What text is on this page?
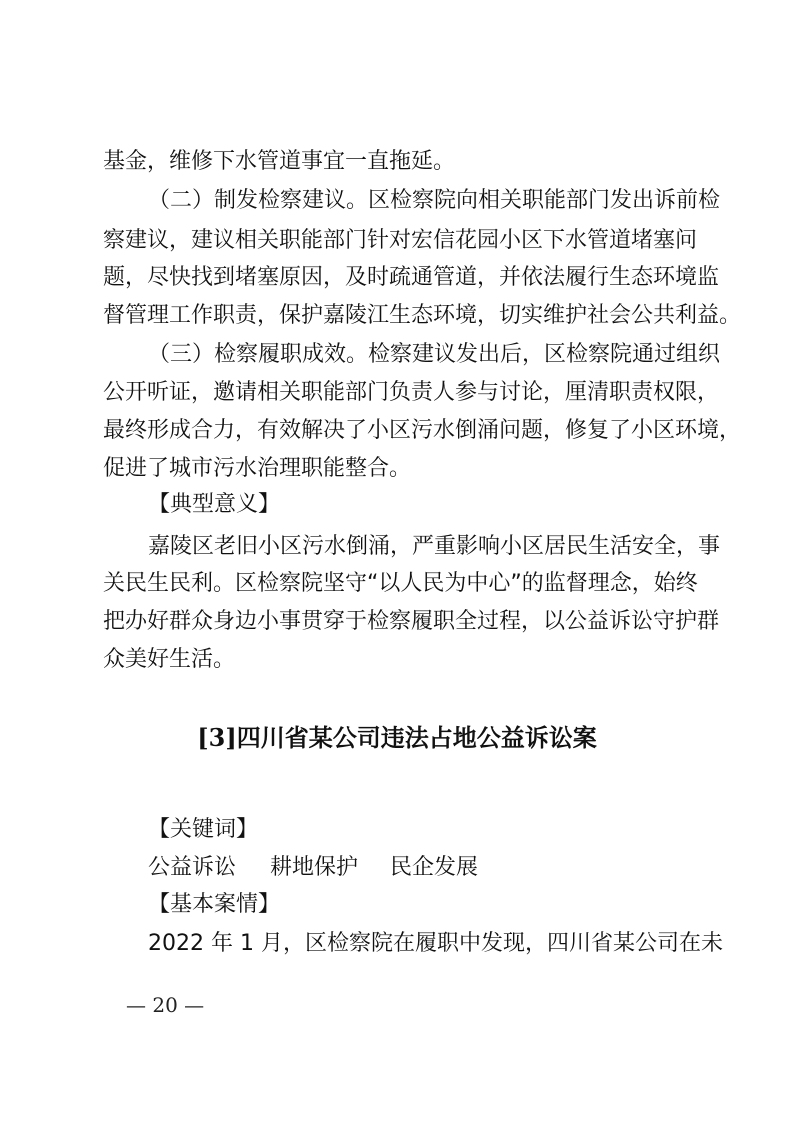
基金，维修下水管道事宜一直拖延。
（二）制发检察建议。区检察院向相关职能部门发出诉前检
察建议，建议相关职能部门针对宏信花园小区下水管道堵塞问
题，尽快找到堵塞原因，及时疏通管道，并依法履行生态环境监
督管理工作职责，保护嘉陵江生态环境，切实维护社会公共利益。
（三）检察履职成效。检察建议发出后，区检察院通过组织
公开听证，邀请相关职能部门负责人参与讨论，厘清职责权限，
最终形成合力，有效解决了小区污水倒涌问题，修复了小区环境，
促进了城市污水治理职能整合。
【典型意义】
嘉陵区老旧小区污水倒涌，严重影响小区居民生活安全，事
关民生民利。区检察院坚守“以人民为中心”的监督理念，始终
把办好群众身边小事贯穿于检察履职全过程，以公益诉讼守护群
众美好生活。
[3]四川省某公司违法占地公益诉讼案
【关键词】
公益诉讼 耕地保护 民企发展
【基本案情】
2022 年 1 月，区检察院在履职中发现，四川省某公司在未
— 20 —
